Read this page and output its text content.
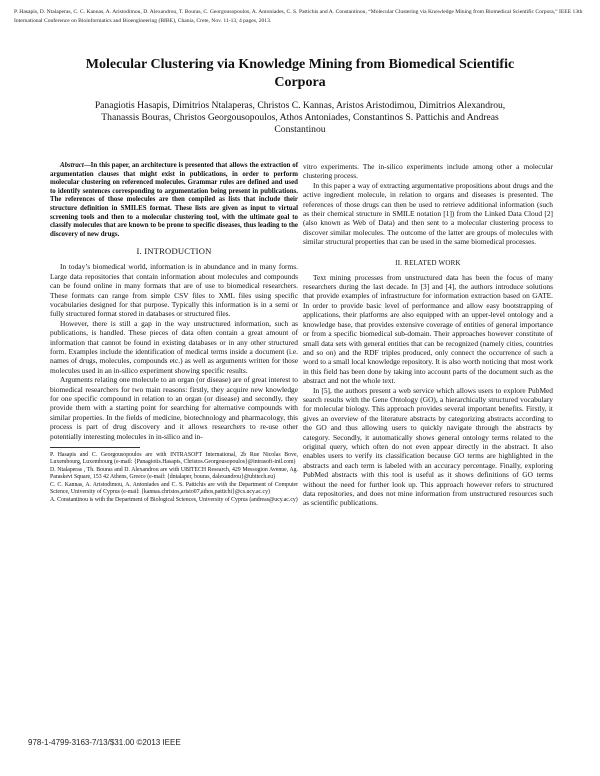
P. Hasapis, D. Ntalaperas, C. C. Kannas, A. Aristodimou, D. Alexandrou, T. Bouras, C. Georgousopoulos, A. Antoniades, C. S. Pattichis and A. Constantinou, “Molecular Clustering via Knowledge Mining from Biomedical Scientific Corpora,” IEEE 13th International Conference on Bioinformatics and Bioengineering (BIBE), Chania, Crete, Nov. 11-13, 4 pages, 2013.
Molecular Clustering via Knowledge Mining from Biomedical Scientific Corpora
Panagiotis Hasapis, Dimitrios Ntalaperas, Christos C. Kannas, Aristos Aristodimou, Dimitrios Alexandrou, Thanassis Bouras, Christos Georgousopoulos, Athos Antoniades, Constantinos S. Pattichis and Andreas Constantinou

Abstract—In this paper, an architecture is presented that allows the extraction of argumentation clauses that might exist in publications, in order to perform molecular clustering on referenced molecules. Grammar rules are defined and used to identify sentences corresponding to argumentation being present in publications. The references of those molecules are then compiled as lists that include their structure definition in SMILES format. These lists are given as input to virtual screening tools and then to a molecular clustering tool, with the ultimate goal to classify molecules that are known to be prone to specific diseases, thus leading to the discovery of new drugs.

I. INTRODUCTION

In today’s biomedical world, information is in abundance and in many forms. Large data repositories that contain information about molecules and compounds can be found online in many formats that are of use to biomedical researchers. These formats can range from simple CSV files to XML files using specific vocabularies designed for that purpose. Typically this information is in a semi or fully structured format stored in databases or structured files.

However, there is still a gap in the way unstructured information, such as publications, is handled. These pieces of data often contain a great amount of information that cannot be found in existing databases or in any other structured form. Examples include the identification of medical terms inside a document (i.e. names of drugs, molecules, compounds etc.) as well as arguments written for those molecules used in an in-silico experiment showing specific results.

Arguments relating one molecule to an organ (or disease) are of great interest to biomedical researchers for two main reasons: firstly, they acquire new knowledge for one specific compound in relation to an organ (or disease) and secondly, they provide them with a starting point for searching for alternative compounds with similar properties. In the fields of medicine, biotechnology and pharmacology, this process is part of drug discovery and it allows researchers to re-use other potentially interesting molecules in in-silico and in-

P. Hasapis and C. Georgousopoulos are with INTRASOFT International, 2b Rue Nicolas Bove, Luxembourg, Luxembourg (e-mail: {Panagiotis.Hasapis, Christos.Georgousopoulos}@intrasoft-intl.com)

D. Ntalaperas , Th. Bouras and D. Alexandrou are with UBITECH Research, 429 Messogion Avenue, Ag. Paraskevi Square, 153 42 Athens, Greece (e-mail: {dntalaper, bouras, dalexandrou}@ubitech.eu)

C. C. Kannas, A. Aristodimou, A. Antoniades and C. S. Pattichis are with the Department of Computer Science, University of Cyprus (e-mail: {kannas.christos,aristo07,athos,pattichi}@cs.ucy.ac.cy)

A. Constantinou is with the Department of Biological Sciences, University of Cyprus (andreas@ucy.ac.cy)

vitro experiments. The in-silico experiments include among other a molecular clustering process.

In this paper a way of extracting argumentative propositions about drugs and the active ingredient molecule, in relation to organs and diseases is presented. The references of those drugs can then be used to retrieve additional information (such as their chemical structure in SMILE notation [1]) from the Linked Data Cloud [2] (also known as Web of Data) and then sent to a molecular clustering process to discover similar molecules. The outcome of the latter are groups of molecules with similar structural properties that can be used in the same biomedical processes.

II. RELATED WORK

Text mining processes from unstructured data has been the focus of many researchers during the last decade. In [3] and [4], the authors introduce solutions that provide examples of infrastructure for information extraction based on GATE. In order to provide basic level of performance and allow easy bootstrapping of applications, their platforms are also equipped with an upper-level ontology and a knowledge base, that provides extensive coverage of entities of general importance or from a specific biomedical sub-domain. Their approaches however constitute of small data sets with general entities that can be recognized (namely cities, countries and so on) and the RDF triples produced, only connect the occurrence of such a word to a small local knowledge repository. It is also worth noticing that most work in this field has been done by taking into account parts of the document such as the abstract and not the whole text.

In [5], the authors present a web service which allows users to explore PubMed search results with the Gene Ontology (GO), a hierarchically structured vocabulary for molecular biology. This approach provides several important benefits. Firstly, it gives an overview of the literature abstracts by categorizing abstracts according to the GO and thus allowing users to quickly navigate through the abstracts by category. Secondly, it automatically shows general ontology terms related to the original query, which often do not even appear directly in the abstract. It also enables users to verify its classification because GO terms are highlighted in the abstracts and each term is labeled with an accuracy percentage. Finally, exploring PubMed abstracts with this tool is useful as it shows definitions of GO terms without the need for further look up. This approach however refers to structured data repositories, and does not mine information from unstructured resources such as scientific publications.

978-1-4799-3163-7/13/$31.00 ©2013 IEEE
